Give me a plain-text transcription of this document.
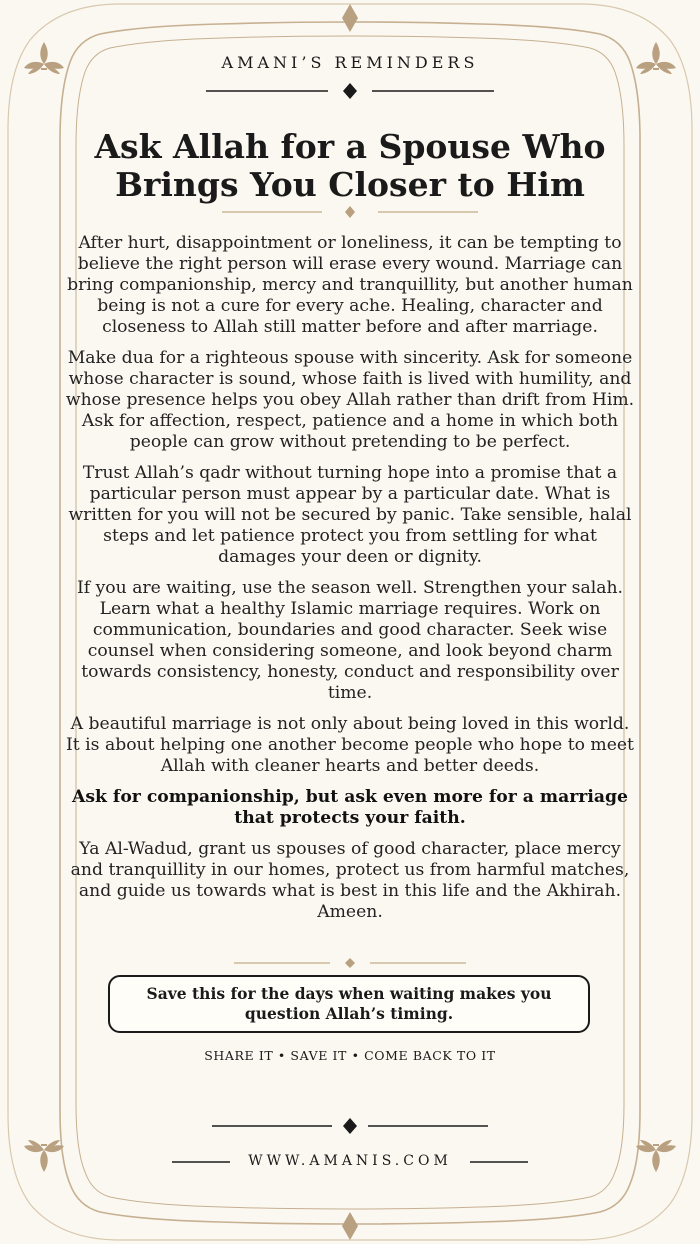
AMANI’S REMINDERS
Ask Allah for a Spouse Who
Brings You Closer to Him

After hurt, disappointment or loneliness, it can be tempting to believe the right person will erase every wound. Marriage can bring companionship, mercy and tranquillity, but another human being is not a cure for every ache. Healing, character and closeness to Allah still matter before and after marriage.

Make dua for a righteous spouse with sincerity. Ask for someone whose character is sound, whose faith is lived with humility, and whose presence helps you obey Allah rather than drift from Him. Ask for affection, respect, patience and a home in which both people can grow without pretending to be perfect.

Trust Allah’s qadr without turning hope into a promise that a particular person must appear by a particular date. What is written for you will not be secured by panic. Take sensible, halal steps and let patience protect you from settling for what damages your deen or dignity.

If you are waiting, use the season well. Strengthen your salah. Learn what a healthy Islamic marriage requires. Work on communication, boundaries and good character. Seek wise counsel when considering someone, and look beyond charm towards consistency, honesty, conduct and responsibility over time.

A beautiful marriage is not only about being loved in this world. It is about helping one another become people who hope to meet Allah with cleaner hearts and better deeds.

Ask for companionship, but ask even more for a marriage that protects your faith.

Ya Al-Wadud, grant us spouses of good character, place mercy and tranquillity in our homes, protect us from harmful matches, and guide us towards what is best in this life and the Akhirah. Ameen.

Save this for the days when waiting makes you question Allah’s timing.
SHARE IT • SAVE IT • COME BACK TO IT
WWW.AMANIS.COM
